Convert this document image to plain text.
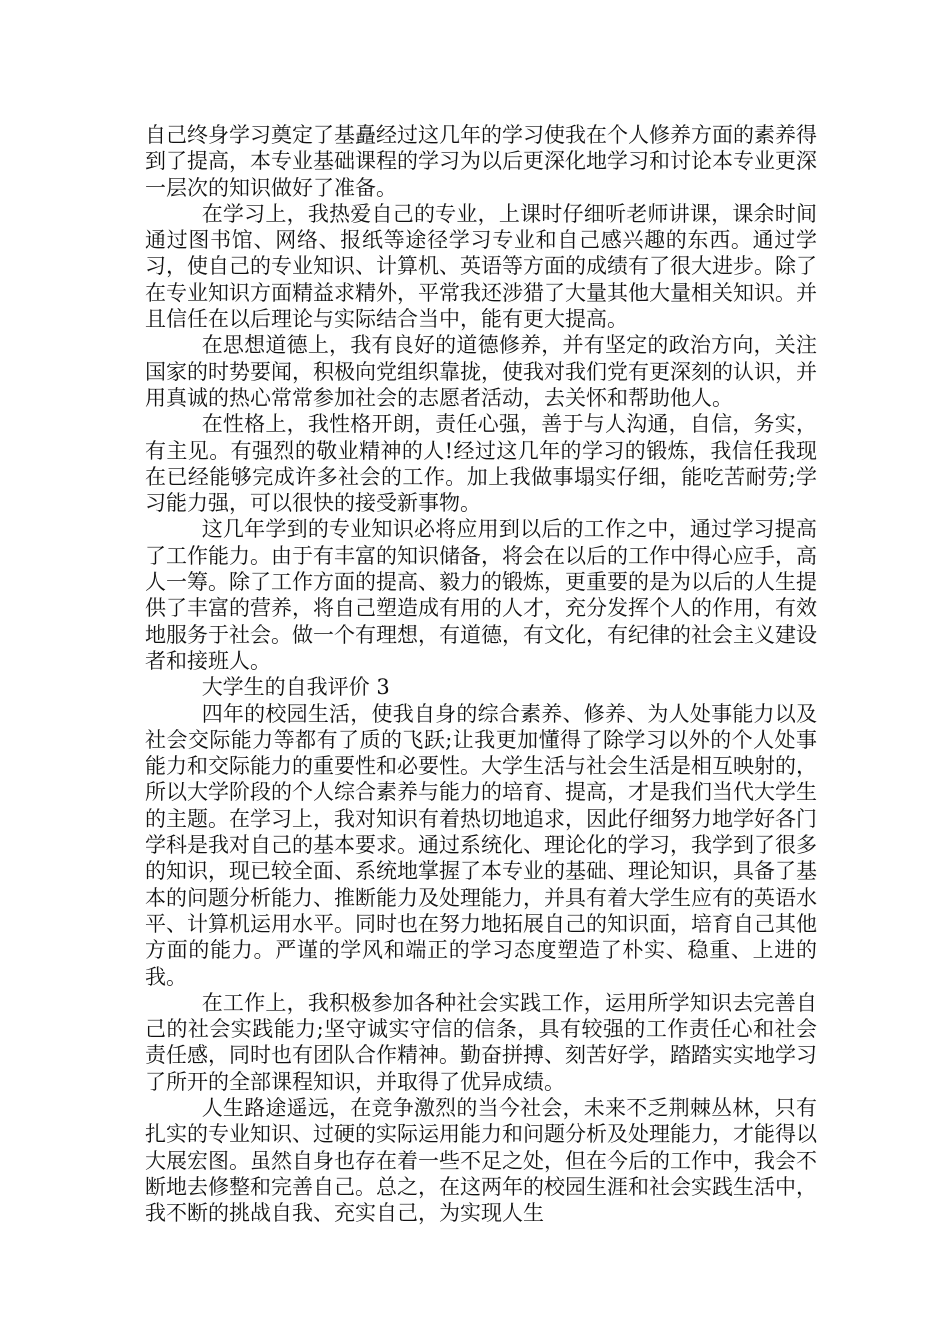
自己终身学习奠定了基矗经过这几年的学习使我在个人修养方面的素养得到了提高，本专业基础课程的学习为以后更深化地学习和讨论本专业更深一层次的知识做好了准备。

在学习上，我热爱自己的专业，上课时仔细听老师讲课，课余时间通过图书馆、网络、报纸等途径学习专业和自己感兴趣的东西。通过学习，使自己的专业知识、计算机、英语等方面的成绩有了很大进步。除了在专业知识方面精益求精外，平常我还涉猎了大量其他大量相关知识。并且信任在以后理论与实际结合当中，能有更大提高。

在思想道德上，我有良好的道德修养，并有坚定的政治方向，关注国家的时势要闻，积极向党组织靠拢，使我对我们党有更深刻的认识，并用真诚的热心常常参加社会的志愿者活动，去关怀和帮助他人。

在性格上，我性格开朗，责任心强，善于与人沟通，自信，务实，有主见。有强烈的敬业精神的人!经过这几年的学习的锻炼，我信任我现在已经能够完成许多社会的工作。加上我做事塌实仔细，能吃苦耐劳;学习能力强，可以很快的接受新事物。

这几年学到的专业知识必将应用到以后的工作之中，通过学习提高了工作能力。由于有丰富的知识储备，将会在以后的工作中得心应手，高人一筹。除了工作方面的提高、毅力的锻炼，更重要的是为以后的人生提供了丰富的营养，将自己塑造成有用的人才，充分发挥个人的作用，有效地服务于社会。做一个有理想，有道德，有文化，有纪律的社会主义建设者和接班人。

大学生的自我评价 3

四年的校园生活，使我自身的综合素养、修养、为人处事能力以及社会交际能力等都有了质的飞跃;让我更加懂得了除学习以外的个人处事能力和交际能力的重要性和必要性。大学生活与社会生活是相互映射的，所以大学阶段的个人综合素养与能力的培育、提高，才是我们当代大学生的主题。在学习上，我对知识有着热切地追求，因此仔细努力地学好各门学科是我对自己的基本要求。通过系统化、理论化的学习，我学到了很多的知识，现已较全面、系统地掌握了本专业的基础、理论知识，具备了基本的问题分析能力、推断能力及处理能力，并具有着大学生应有的英语水平、计算机运用水平。同时也在努力地拓展自己的知识面，培育自己其他方面的能力。严谨的学风和端正的学习态度塑造了朴实、稳重、上进的我。

在工作上，我积极参加各种社会实践工作，运用所学知识去完善自己的社会实践能力;坚守诚实守信的信条，具有较强的工作责任心和社会责任感，同时也有团队合作精神。勤奋拼搏、刻苦好学，踏踏实实地学习了所开的全部课程知识，并取得了优异成绩。

人生路途遥远，在竞争激烈的当今社会，未来不乏荆棘丛林，只有扎实的专业知识、过硬的实际运用能力和问题分析及处理能力，才能得以大展宏图。虽然自身也存在着一些不足之处，但在今后的工作中，我会不断地去修整和完善自己。总之，在这两年的校园生涯和社会实践生活中，我不断的挑战自我、充实自己，为实现人生
